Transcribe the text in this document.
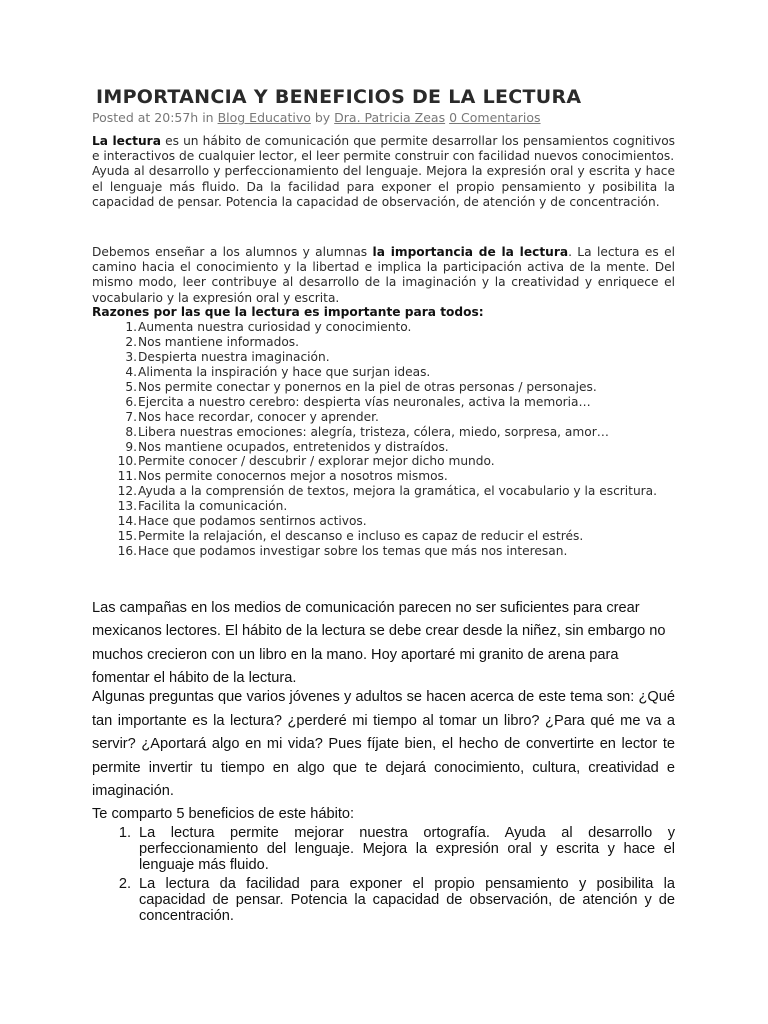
IMPORTANCIA Y BENEFICIOS DE LA LECTURA
Posted at 20:57h in Blog Educativo by Dra. Patricia Zeas 0 Comentarios
La lectura es un hábito de comunicación que permite desarrollar los pensamientos cognitivos e interactivos de cualquier lector, el leer permite construir con facilidad nuevos conocimientos.
Ayuda al desarrollo y perfeccionamiento del lenguaje. Mejora la expresión oral y escrita y hace el lenguaje más fluido. Da la facilidad para exponer el propio pensamiento y posibilita la capacidad de pensar. Potencia la capacidad de observación, de atención y de concentración.
Debemos enseñar a los alumnos y alumnas la importancia de la lectura. La lectura es el camino hacia el conocimiento y la libertad e implica la participación activa de la mente. Del mismo modo, leer contribuye al desarrollo de la imaginación y la creatividad y enriquece el vocabulario y la expresión oral y escrita.
Razones por las que la lectura es importante para todos:
1. Aumenta nuestra curiosidad y conocimiento.
2. Nos mantiene informados.
3. Despierta nuestra imaginación.
4. Alimenta la inspiración y hace que surjan ideas.
5. Nos permite conectar y ponernos en la piel de otras personas / personajes.
6. Ejercita a nuestro cerebro: despierta vías neuronales, activa la memoria…
7. Nos hace recordar, conocer y aprender.
8. Libera nuestras emociones: alegría, tristeza, cólera, miedo, sorpresa, amor…
9. Nos mantiene ocupados, entretenidos y distraídos.
10. Permite conocer / descubrir / explorar mejor dicho mundo.
11. Nos permite conocernos mejor a nosotros mismos.
12. Ayuda a la comprensión de textos, mejora la gramática, el vocabulario y la escritura.
13. Facilita la comunicación.
14. Hace que podamos sentirnos activos.
15. Permite la relajación, el descanso e incluso es capaz de reducir el estrés.
16. Hace que podamos investigar sobre los temas que más nos interesan.
Las campañas en los medios de comunicación parecen no ser suficientes para crear mexicanos lectores. El hábito de la lectura se debe crear desde la niñez, sin embargo no muchos crecieron con un libro en la mano. Hoy aportaré mi granito de arena para fomentar el hábito de la lectura.
Algunas preguntas que varios jóvenes y adultos se hacen acerca de este tema son: ¿Qué tan importante es la lectura? ¿perderé mi tiempo al tomar un libro? ¿Para qué me va a servir? ¿Aportará algo en mi vida? Pues fíjate bien, el hecho de convertirte en lector te permite invertir tu tiempo en algo que te dejará conocimiento, cultura, creatividad e imaginación.
Te comparto 5 beneficios de este hábito:
1. La lectura permite mejorar nuestra ortografía. Ayuda al desarrollo y perfeccionamiento del lenguaje. Mejora la expresión oral y escrita y hace el lenguaje más fluido.
2. La lectura da facilidad para exponer el propio pensamiento y posibilita la capacidad de pensar. Potencia la capacidad de observación, de atención y de concentración.
